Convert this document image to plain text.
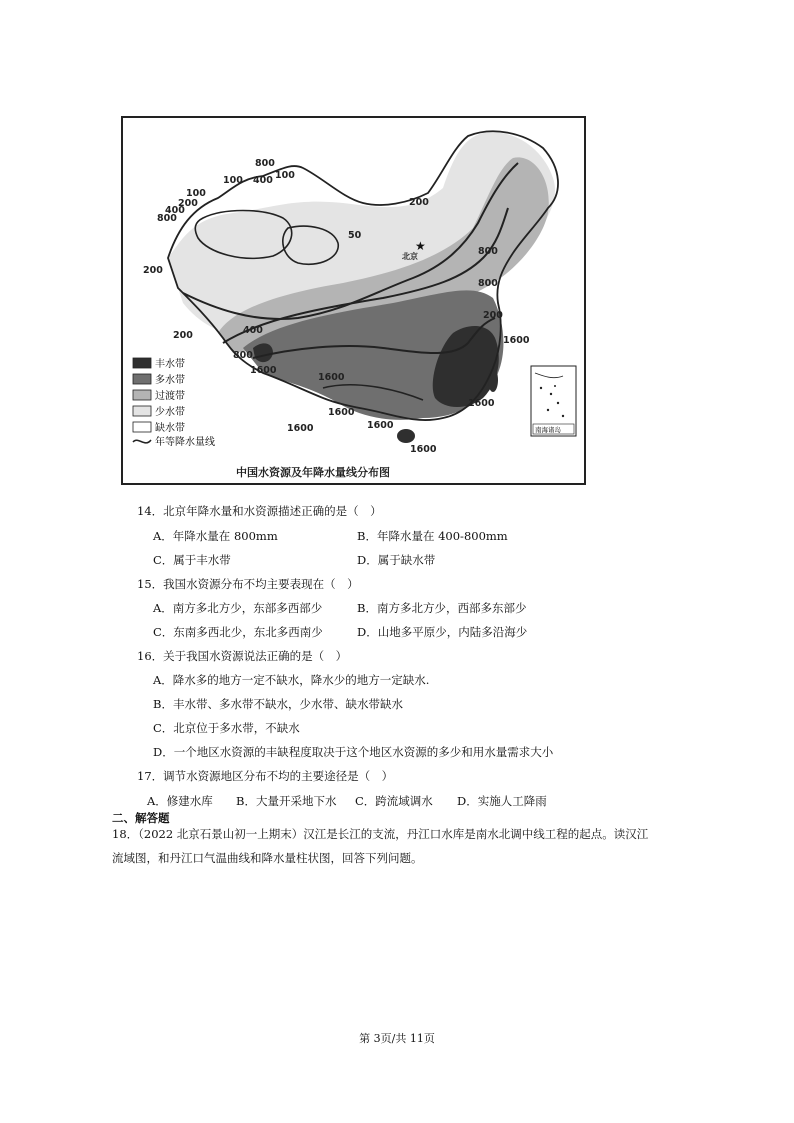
★
北京
800
100
400
100
100
200
400
800
50
200
200
200
800
800
200
400
1600
1600
800
1600
1600
1600
1600	1600
1600
丰水带
多水带
过渡带
少水带
缺水带
年等降水量线
南海诸岛
中国水资源及年降水量线分布图
14．北京年降水量和水资源描述正确的是（　）
A．年降水量在 800mm	B．年降水量在 400-800mm
C．属于丰水带	D．属于缺水带
15．我国水资源分布不均主要表现在（　）
A．南方多北方少，东部多西部少	B．南方多北方少，西部多东部少
C．东南多西北少，东北多西南少	D．山地多平原少，内陆多沿海少
16．关于我国水资源说法正确的是（　）
A．降水多的地方一定不缺水，降水少的地方一定缺水.
B．丰水带、多水带不缺水，少水带、缺水带缺水
C．北京位于多水带，不缺水
D．一个地区水资源的丰缺程度取决于这个地区水资源的多少和用水量需求大小
17．调节水资源地区分布不均的主要途径是（　）
A．修建水库 B．大量开采地下水 C．跨流域调水 D．实施人工降雨
二、解答题
18．（2022 北京石景山初一上期末）汉江是长江的支流，丹江口水库是南水北调中线工程的起点。读汉江
流域图，和丹江口气温曲线和降水量柱状图，回答下列问题。
第 3页/共 11页
